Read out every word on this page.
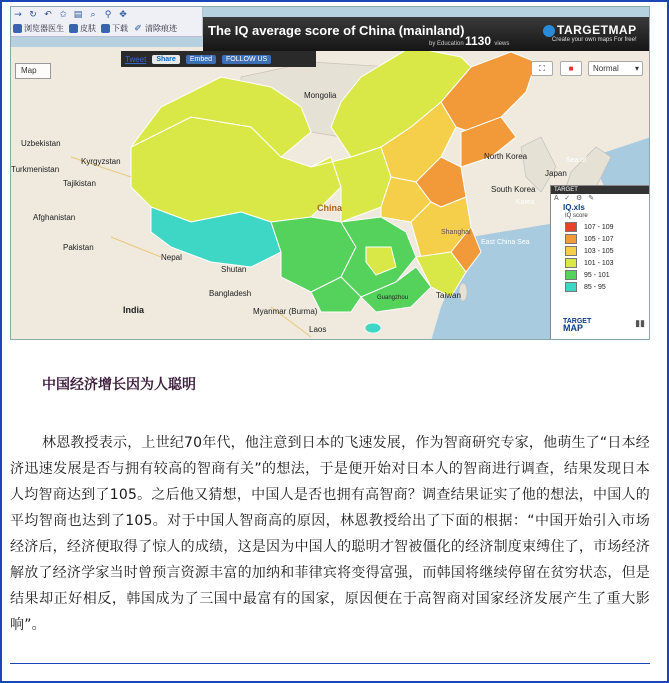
Mongolia
Uzbekistan
Kyrgyzstan
Tajikistan
Turkmenistan
Afghanistan
Pakistan
India
Nepal
Shutan
China
North Korea
South Korea
Japan
Bangladesh
Myanmar (Burma)
Laos
Taiwan
East China Sea
Shanghai
Guangzhou
Korea
Sea of
The IQ average score of China (mainland)
by Education 1130 views
TARGETMAP
Create your own maps For free!
Tweet	Share	Embed	FOLLOW US
Map	⛶	■	Normal ▾
→ ↻ ↶ ✩ ▤ ⌕ ⚲ ✥
浏览器医生 皮肤 下载 ✐ 清除痕迹
TARGET
A ✓ ⚙ ✎
IQ.xls
IQ score
107 - 109
105 - 107
103 - 105
101 - 103
95 - 101
85 - 95
TARGET
MAP	▮▮
中国经济增长因为人聪明
林恩教授表示，上世纪70年代，他注意到日本的飞速发展，作为智商研究专家，他萌生了“日本经济迅速发展是否与拥有较高的智商有关”的想法，于是便开始对日本人的智商进行调查，结果发现日本人均智商达到了105。之后他又猜想，中国人是否也拥有高智商？调查结果证实了他的想法，中国人的平均智商也达到了105。对于中国人智商高的原因，林恩教授给出了下面的根据：“中国开始引入市场经济后，经济便取得了惊人的成绩，这是因为中国人的聪明才智被僵化的经济制度束缚住了，市场经济解放了经济学家当时曾预言资源丰富的加纳和菲律宾将变得富强，而韩国将继续停留在贫穷状态，但是结果却正好相反，韩国成为了三国中最富有的国家，原因便在于高智商对国家经济发展产生了重大影响”。
